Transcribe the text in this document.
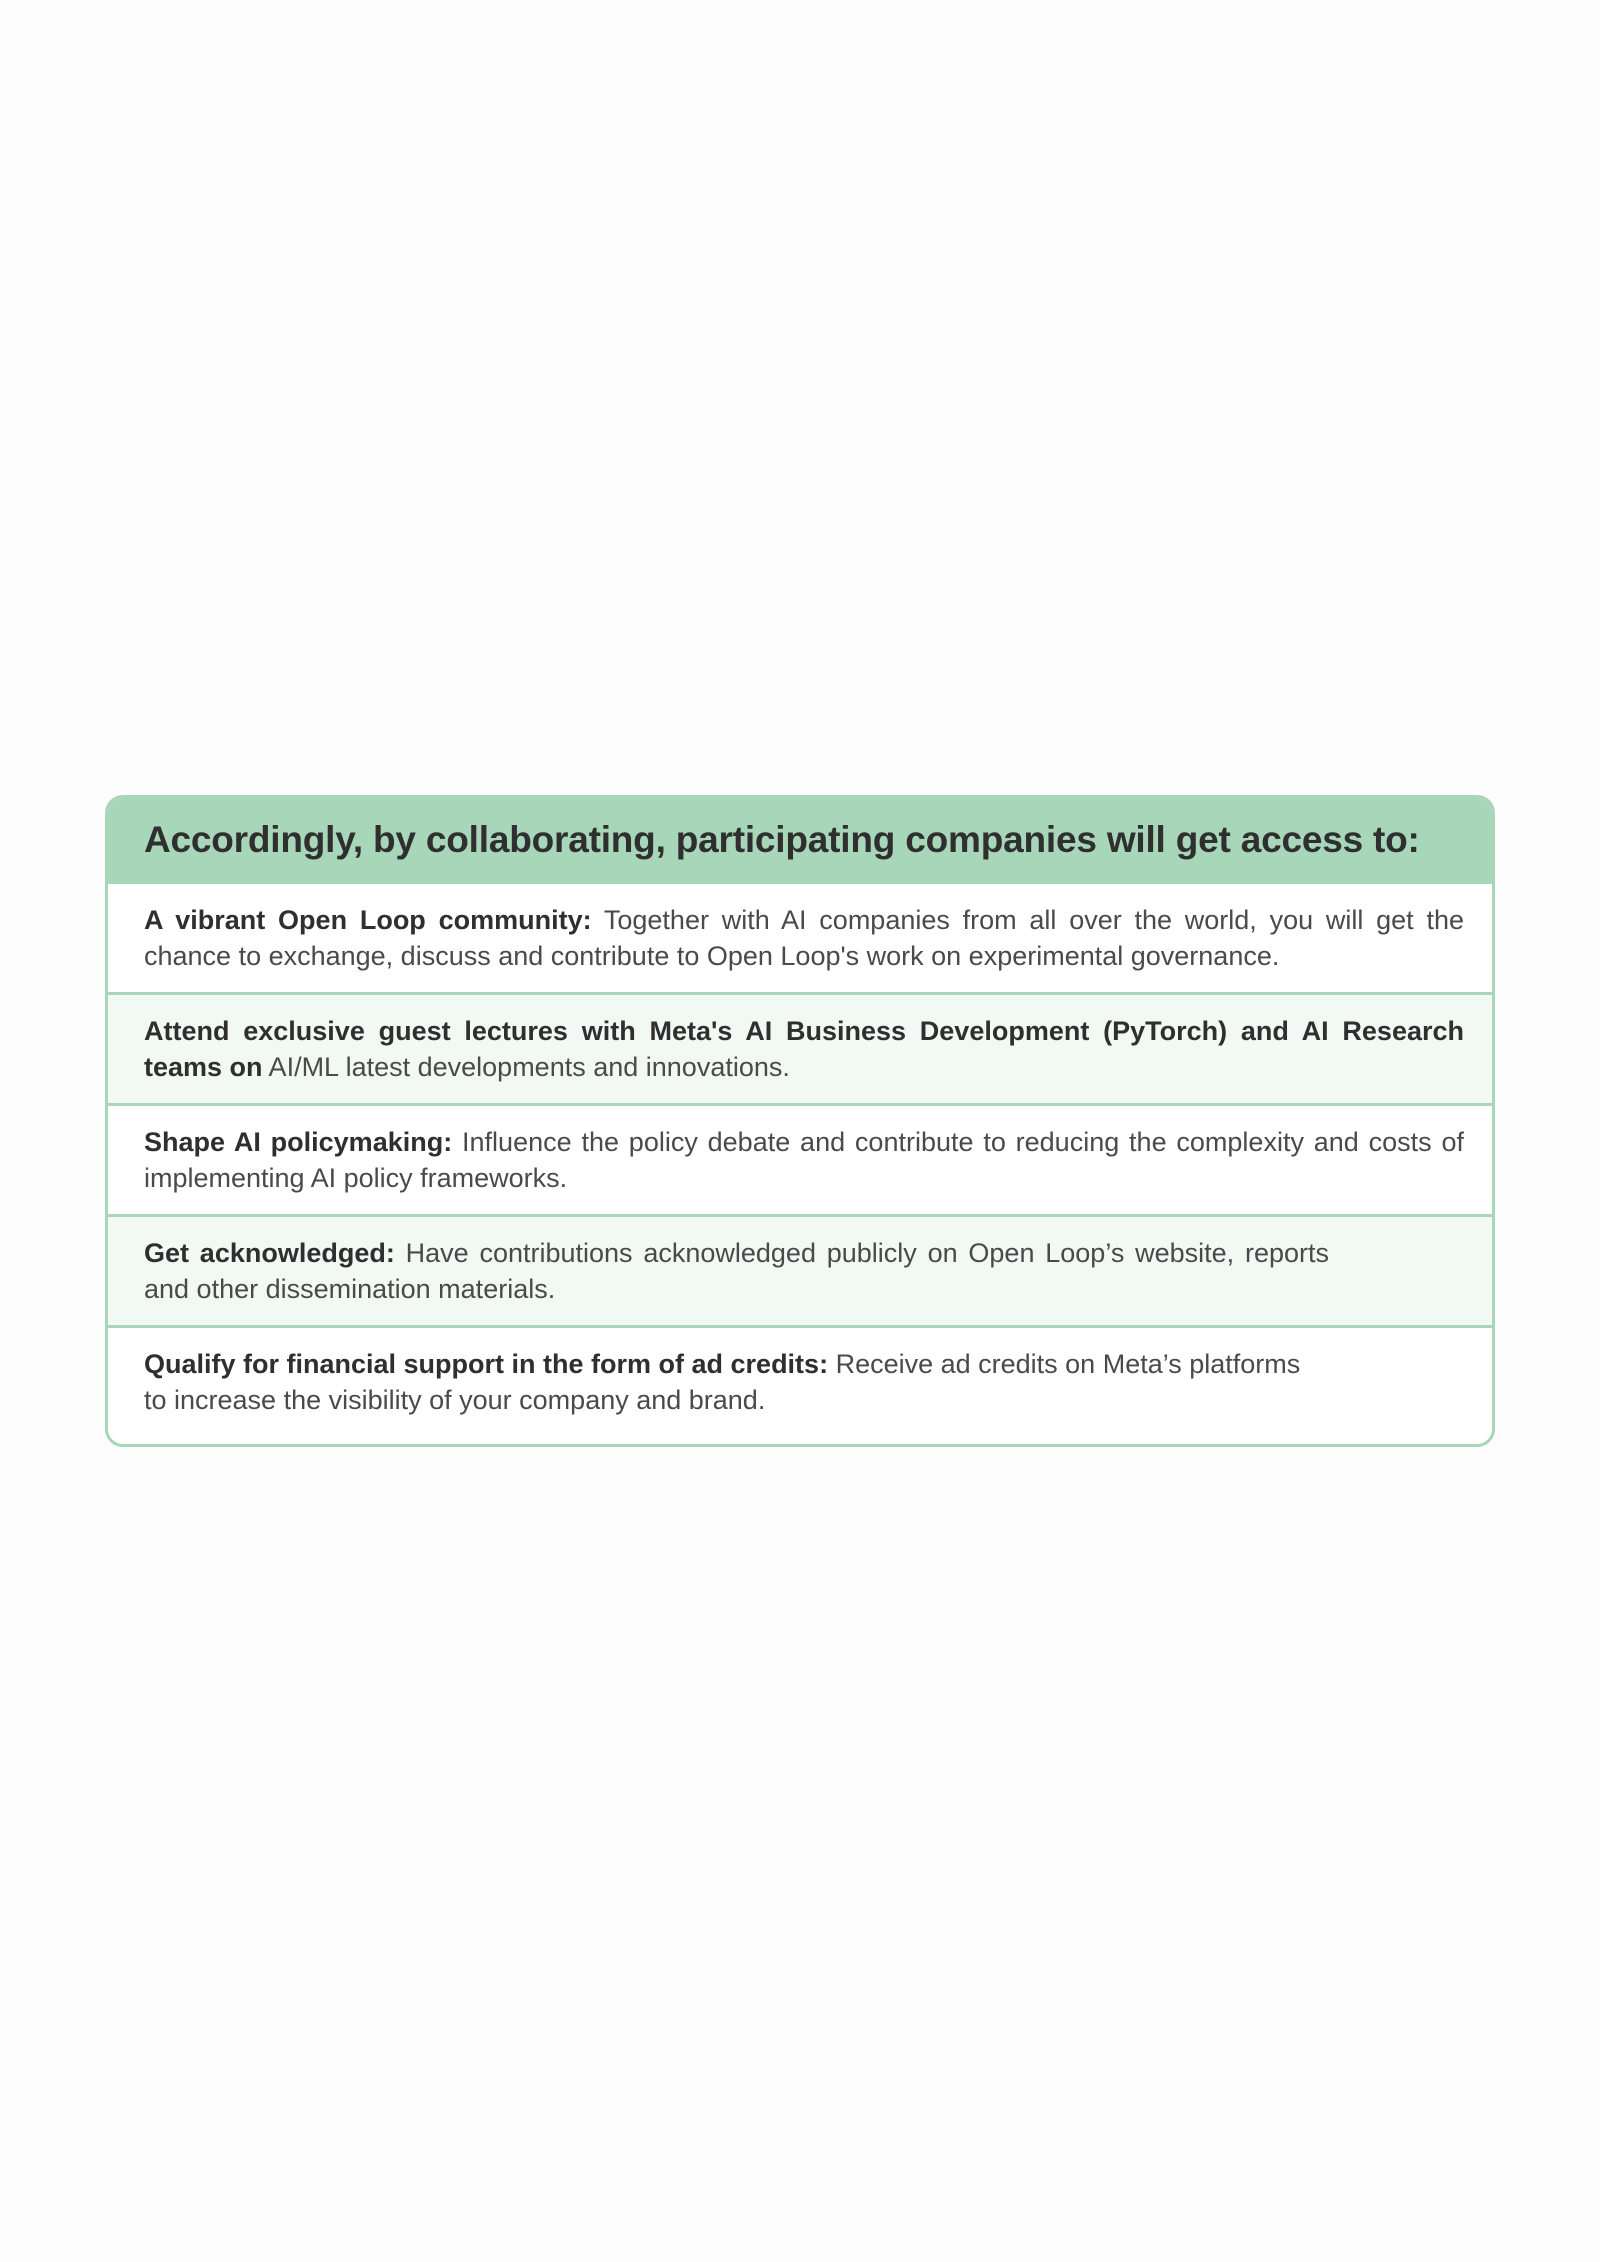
Accordingly, by collaborating, participating companies will get access to:
A vibrant Open Loop community: Together with AI companies from all over the world, you will get the chance to exchange, discuss and contribute to Open Loop's work on experimental governance.
Attend exclusive guest lectures with Meta's AI Business Development (PyTorch) and AI Research teams on AI/ML latest developments and innovations.
Shape AI policymaking: Influence the policy debate and contribute to reducing the complexity and costs of implementing AI policy frameworks.
Get acknowledged: Have contributions acknowledged publicly on Open Loop’s website, reports and other dissemination materials.
Qualify for financial support in the form of ad credits: Receive ad credits on Meta’s platforms to increase the visibility of your company and brand.
